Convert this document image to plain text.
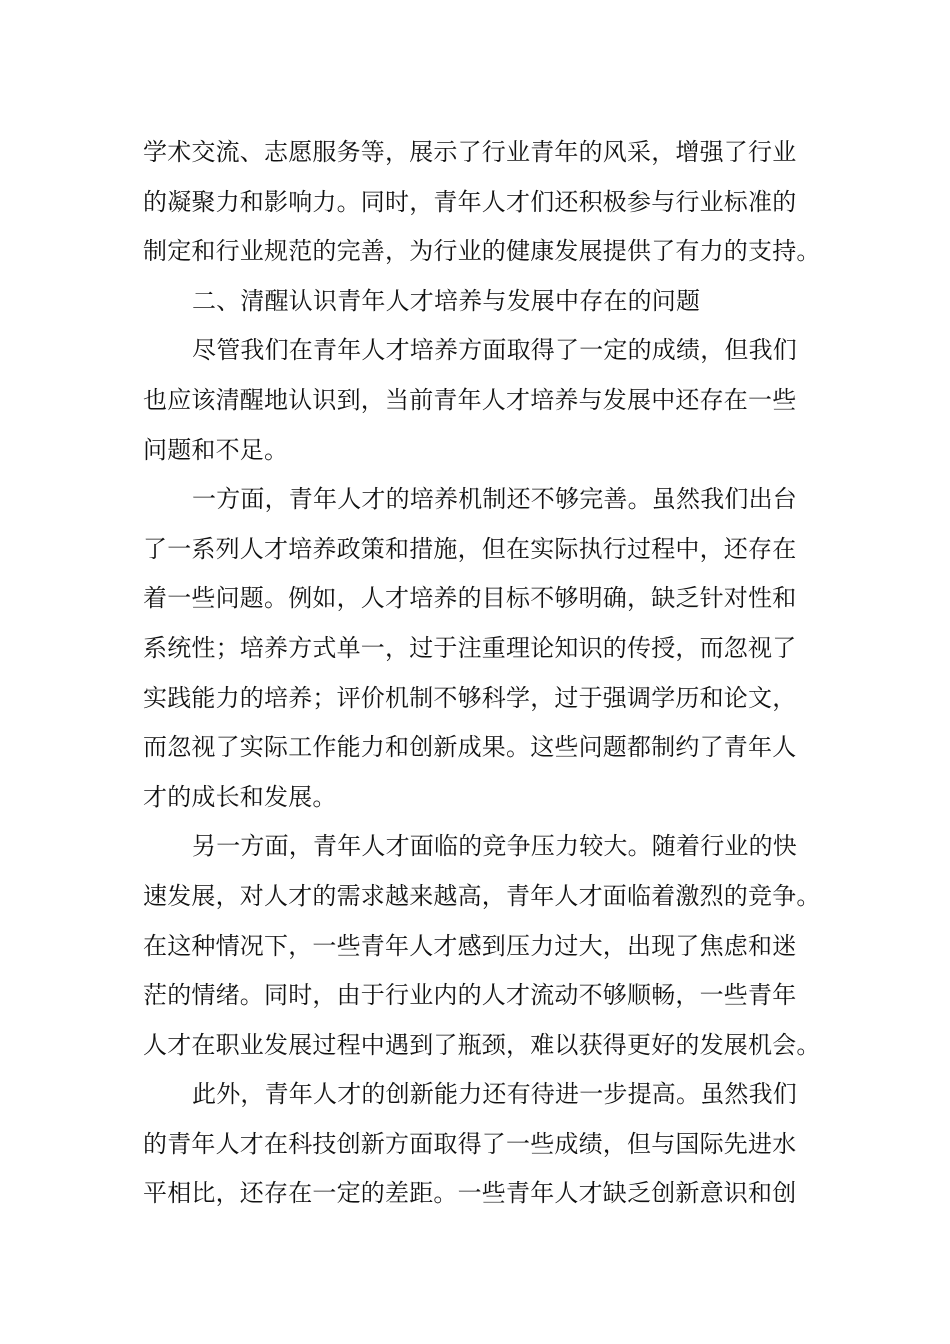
学术交流、志愿服务等，展示了行业青年的风采，增强了行业
的凝聚力和影响力。同时，青年人才们还积极参与行业标准的
制定和行业规范的完善，为行业的健康发展提供了有力的支持。
二、清醒认识青年人才培养与发展中存在的问题
尽管我们在青年人才培养方面取得了一定的成绩，但我们
也应该清醒地认识到，当前青年人才培养与发展中还存在一些
问题和不足。
一方面，青年人才的培养机制还不够完善。虽然我们出台
了一系列人才培养政策和措施，但在实际执行过程中，还存在
着一些问题。例如，人才培养的目标不够明确，缺乏针对性和
系统性；培养方式单一，过于注重理论知识的传授，而忽视了
实践能力的培养；评价机制不够科学，过于强调学历和论文，
而忽视了实际工作能力和创新成果。这些问题都制约了青年人
才的成长和发展。
另一方面，青年人才面临的竞争压力较大。随着行业的快
速发展，对人才的需求越来越高，青年人才面临着激烈的竞争。
在这种情况下，一些青年人才感到压力过大，出现了焦虑和迷
茫的情绪。同时，由于行业内的人才流动不够顺畅，一些青年
人才在职业发展过程中遇到了瓶颈，难以获得更好的发展机会。
此外，青年人才的创新能力还有待进一步提高。虽然我们
的青年人才在科技创新方面取得了一些成绩，但与国际先进水
平相比，还存在一定的差距。一些青年人才缺乏创新意识和创
